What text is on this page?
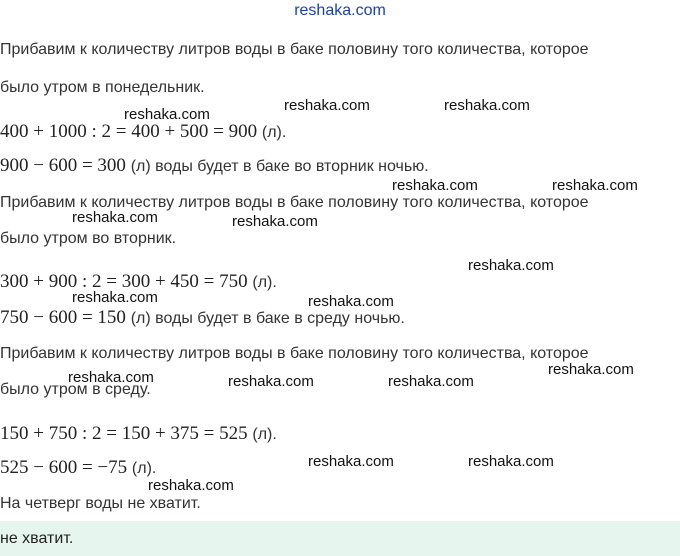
reshaka.com
Прибавим к количеству литров воды в баке половину того количества, которое
было утром в понедельник.
400 + 1000 : 2 = 400 + 500 = 900 (л).
900 − 600 = 300 (л) воды будет в баке во вторник ночью.
Прибавим к количеству литров воды в баке половину того количества, которое
было утром во вторник.
300 + 900 : 2 = 300 + 450 = 750 (л).
750 − 600 = 150 (л) воды будет в баке в среду ночью.
Прибавим к количеству литров воды в баке половину того количества, которое
было утром в среду.
150 + 750 : 2 = 150 + 375 = 525 (л).
525 − 600 = −75 (л).
На четверг воды не хватит.
не хватит.
reshaka.com
reshaka.com	reshaka.com
reshaka.com	reshaka.com
reshaka.com	reshaka.com
reshaka.com
reshaka.com	reshaka.com
reshaka.com
reshaka.com	reshaka.com	reshaka.com
reshaka.com	reshaka.com
reshaka.com
